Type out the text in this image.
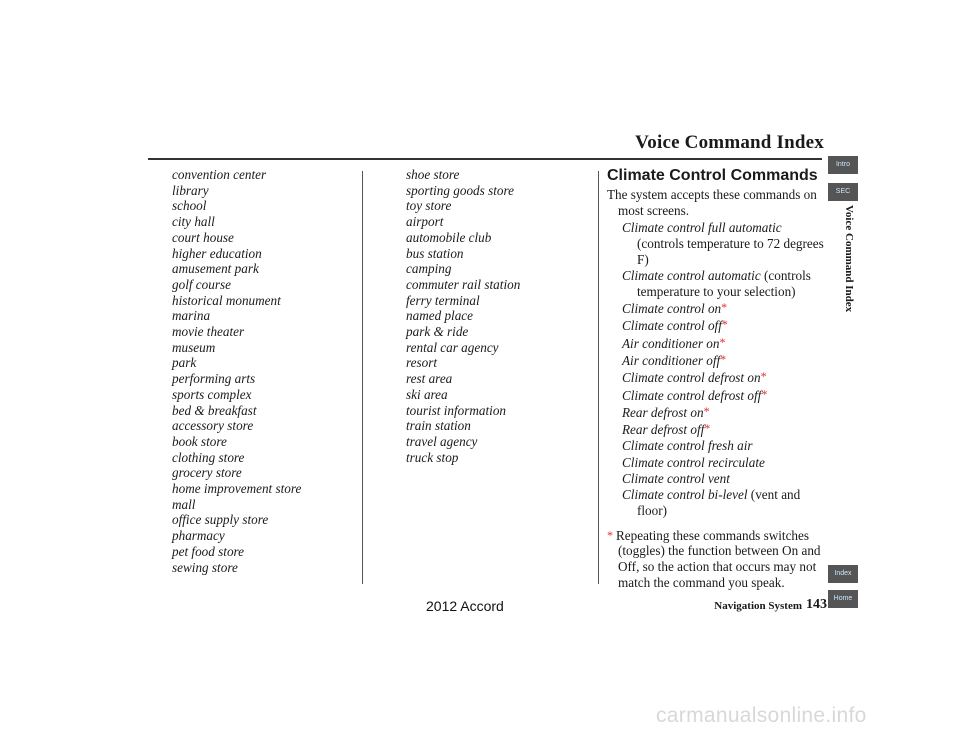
Voice Command Index
convention center
library
school
city hall
court house
higher education
amusement park
golf course
historical monument
marina
movie theater
museum
park
performing arts
sports complex
bed & breakfast
accessory store
book store
clothing store
grocery store
home improvement store
mall
office supply store
pharmacy
pet food store
sewing store
shoe store
sporting goods store
toy store
airport
automobile club
bus station
camping
commuter rail station
ferry terminal
named place
park & ride
rental car agency
resort
rest area
ski area
tourist information
train station
travel agency
truck stop
Climate Control Commands
The system accepts these commands on most screens.
Climate control full automatic (controls temperature to 72 degrees F)
Climate control automatic (controls temperature to your selection)
Climate control on*
Climate control off*
Air conditioner on*
Air conditioner off*
Climate control defrost on*
Climate control defrost off*
Rear defrost on*
Rear defrost off*
Climate control fresh air
Climate control recirculate
Climate control vent
Climate control bi-level (vent and floor)
* Repeating these commands switches (toggles) the function between On and Off, so the action that occurs may not match the command you speak.
Voice Command Index
Intro
SEC
Index
Home
Navigation System 143
2012 Accord
carmanualsonline.info
